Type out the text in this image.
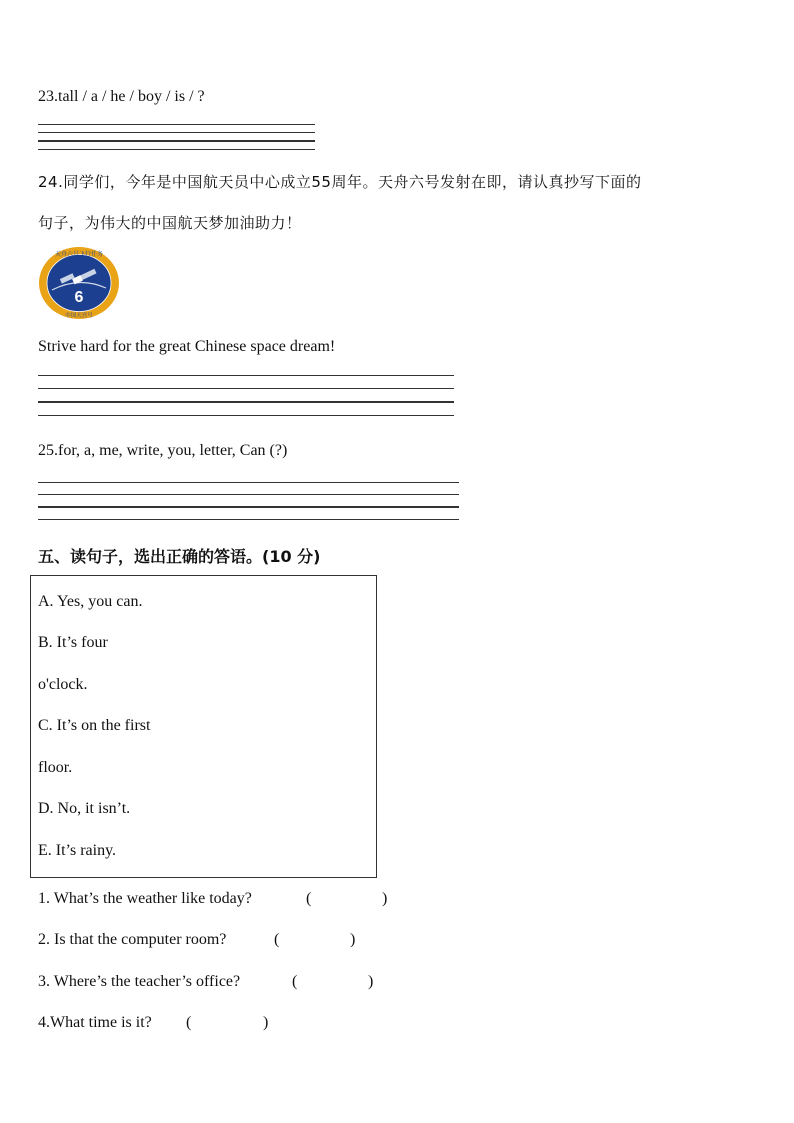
23.tall / a / he / boy / is / ?
24.同学们，今年是中国航天员中心成立55周年。天舟六号发射在即，请认真抄写下面的
句子，为伟大的中国航天梦加油助力！
6
天舟六号飞行任务
中国天宫号
Strive hard for the great Chinese space dream!
25.for, a, me, write, you, letter, Can (?)
五、读句子，选出正确的答语。(10 分)
A. Yes, you can.
B. It’s four
o'clock.
C. It’s on the first
floor.
D. No, it isn’t.
E. It’s rainy.
1. What’s the weather like today?	(	)
2. Is that the computer room?	(	)
3. Where’s the teacher’s office?	(	)
4.What time is it? (	)
